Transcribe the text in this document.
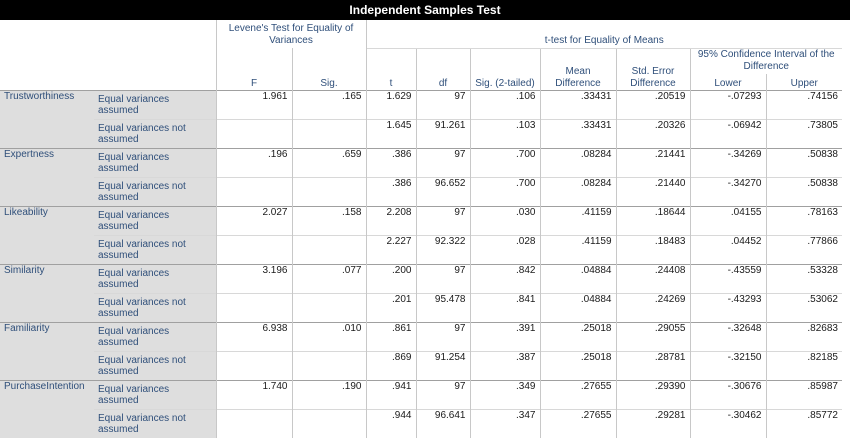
Independent Samples Test
		Levene's Test for Equality of Variances		t-test for Equality of Means						
		F	Sig.	t	df	Sig. (2-tailed)	Mean Difference	Std. Error Difference	95% Confidence Interval of the Difference	
									Lower	Upper
Trustworthiness	Equal variances assumed	1.961	.165	1.629	97	.106	.33431	.20519	-.07293	.74156
	Equal variances not assumed			1.645	91.261	.103	.33431	.20326	-.06942	.73805
Expertness	Equal variances assumed	.196	.659	.386	97	.700	.08284	.21441	-.34269	.50838
	Equal variances not assumed			.386	96.652	.700	.08284	.21440	-.34270	.50838
Likeability	Equal variances assumed	2.027	.158	2.208	97	.030	.41159	.18644	.04155	.78163
	Equal variances not assumed			2.227	92.322	.028	.41159	.18483	.04452	.77866
Similarity	Equal variances assumed	3.196	.077	.200	97	.842	.04884	.24408	-.43559	.53328
	Equal variances not assumed			.201	95.478	.841	.04884	.24269	-.43293	.53062
Familiarity	Equal variances assumed	6.938	.010	.861	97	.391	.25018	.29055	-.32648	.82683
	Equal variances not assumed			.869	91.254	.387	.25018	.28781	-.32150	.82185
PurchaseIntention	Equal variances assumed	1.740	.190	.941	97	.349	.27655	.29390	-.30676	.85987
	Equal variances not assumed			.944	96.641	.347	.27655	.29281	-.30462	.85772
